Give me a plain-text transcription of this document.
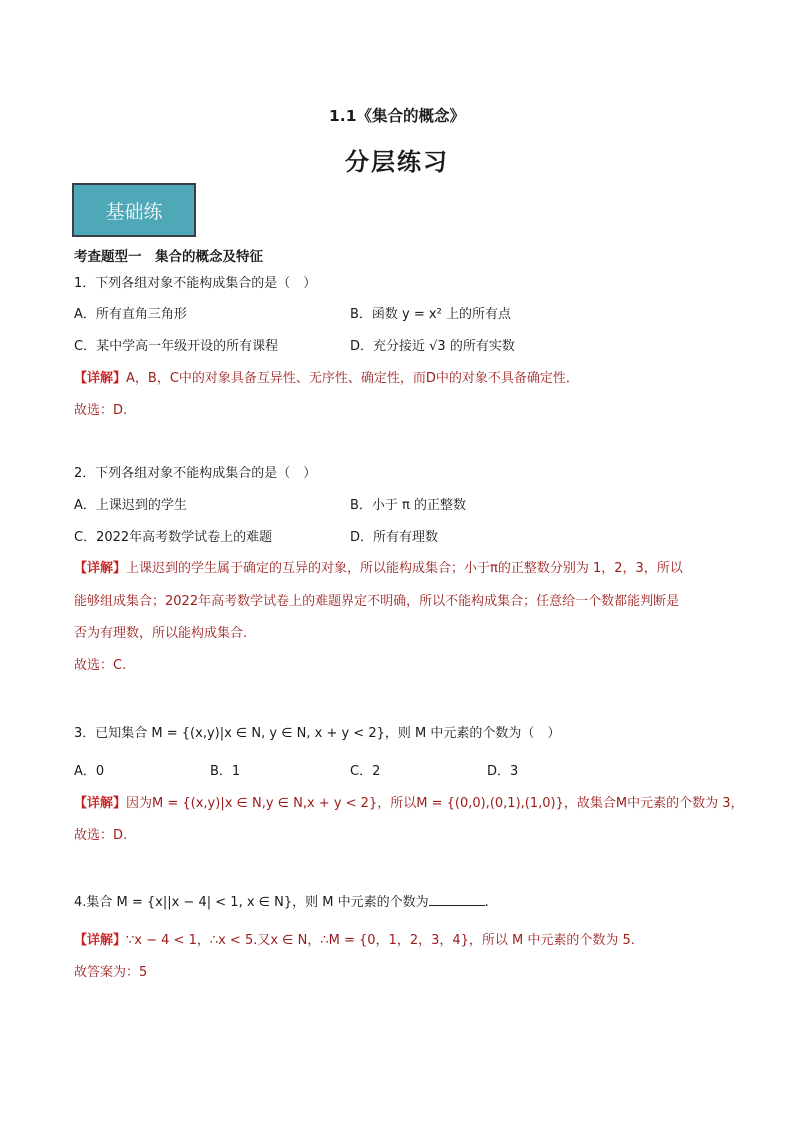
1.1《集合的概念》
分层练习
基础练
考查题型一　集合的概念及特征
1．下列各组对象不能构成集合的是（　）
A．所有直角三角形	B．函数 y = x² 上的所有点
C．某中学高一年级开设的所有课程	D．充分接近 √3 的所有实数
【详解】A，B，C中的对象具备互异性、无序性、确定性，而D中的对象不具备确定性．
故选：D.
2．下列各组对象不能构成集合的是（　）
A．上课迟到的学生	B．小于 π 的正整数
C．2022年高考数学试卷上的难题	D．所有有理数
【详解】上课迟到的学生属于确定的互异的对象，所以能构成集合；小于π的正整数分别为 1，2，3，所以
能够组成集合；2022年高考数学试卷上的难题界定不明确，所以不能构成集合；任意给一个数都能判断是
否为有理数，所以能构成集合.
故选：C.
3．已知集合 M = {(x,y)|x ∈ N, y ∈ N, x + y < 2}，则 M 中元素的个数为（　）
A．0	B．1	C．2	D．3
【详解】因为M = {(x,y)|x ∈ N,y ∈ N,x + y < 2}，所以M = {(0,0),(0,1),(1,0)}，故集合M中元素的个数为 3，
故选：D.
4.集合 M = {x||x − 4| < 1, x ∈ N}，则 M 中元素的个数为	.
【详解】∵x − 4 < 1，∴x < 5.又x ∈ N，∴M = {0，1，2，3，4}，所以 M 中元素的个数为 5.
故答案为：5
